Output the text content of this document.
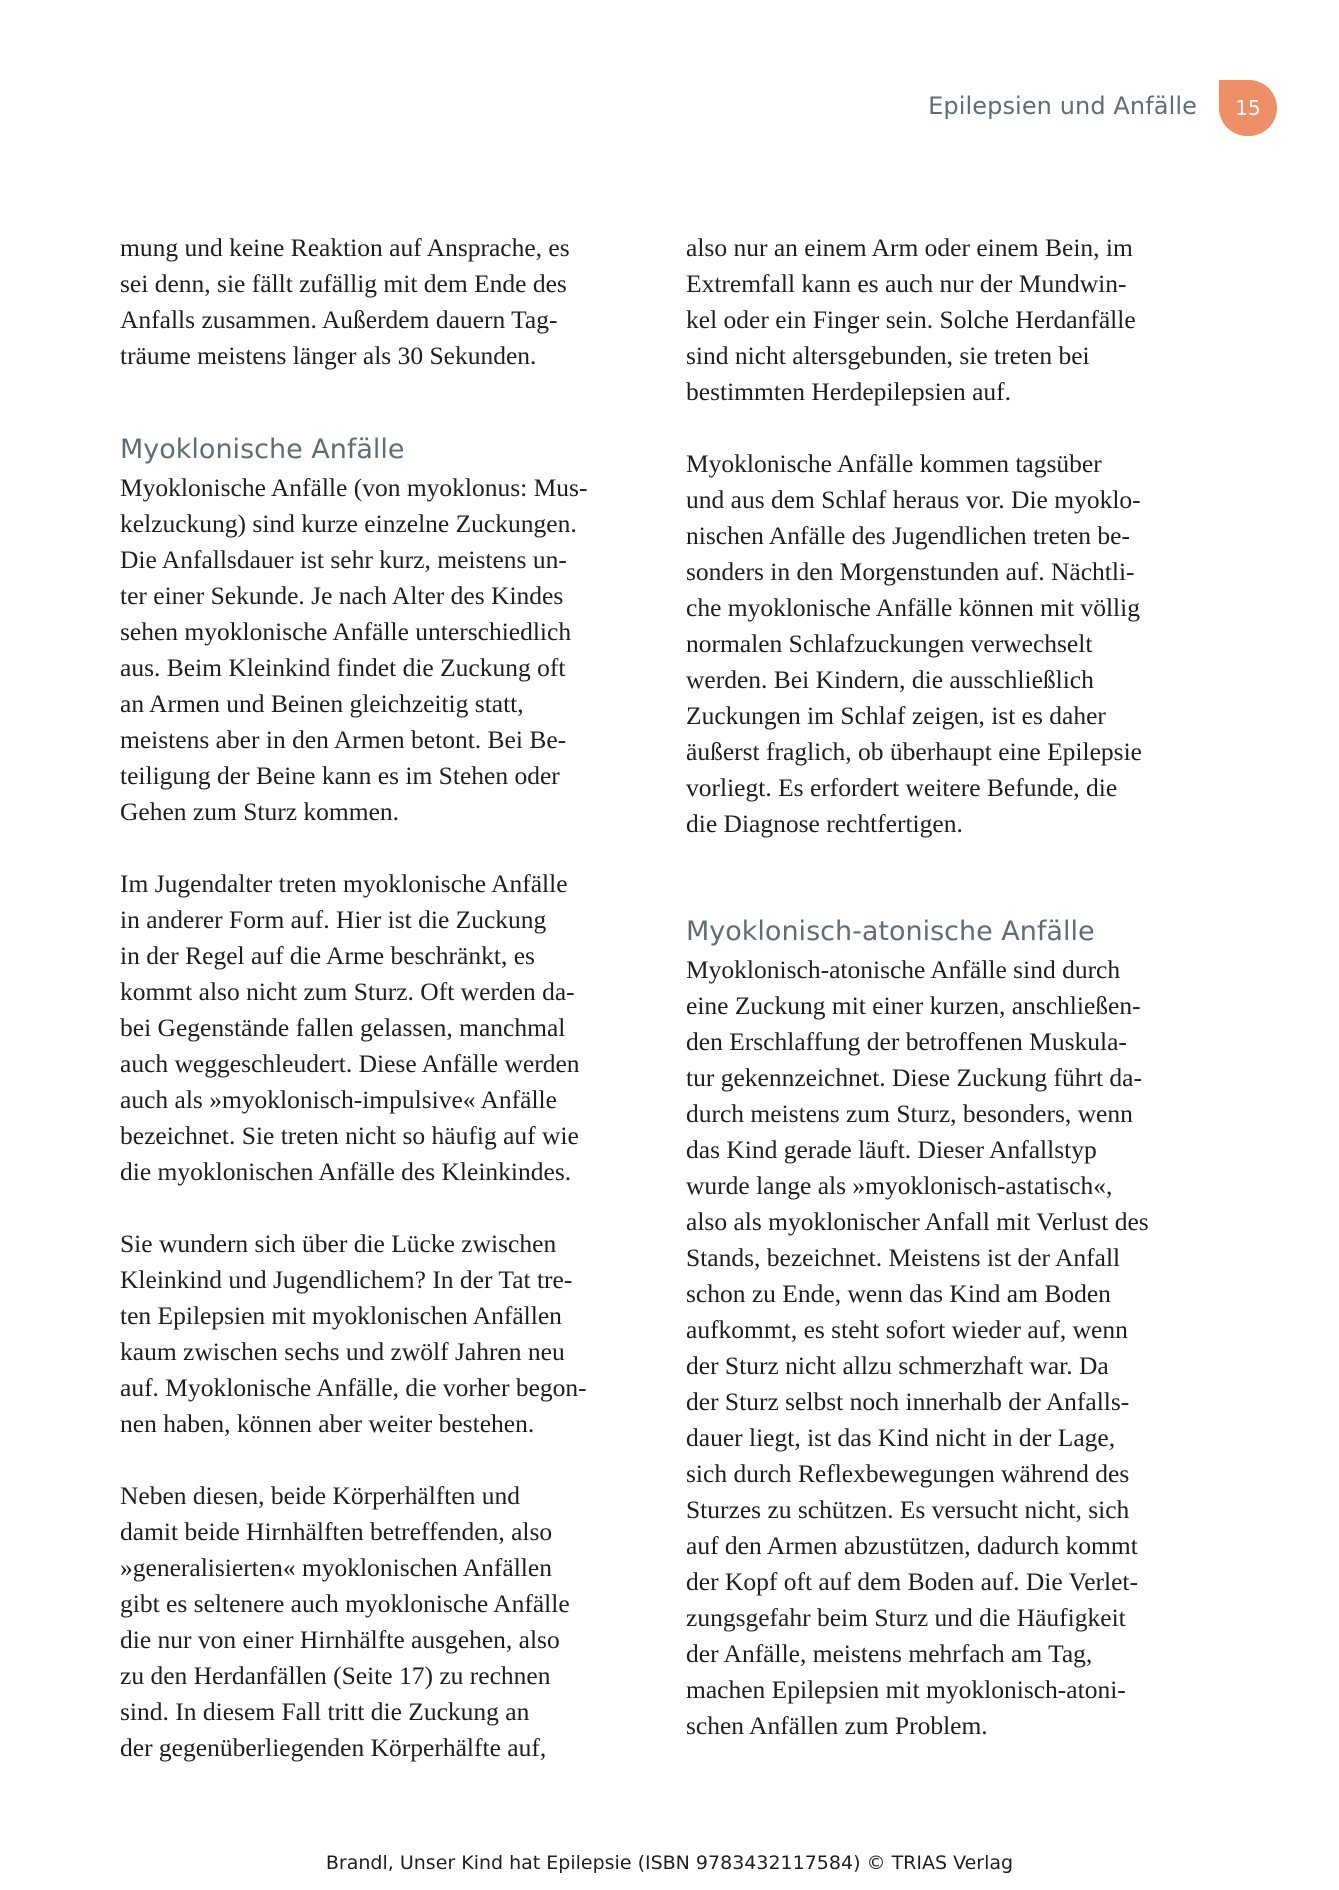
Epilepsien und Anfälle	15

mung und keine Reaktion auf Ansprache, es
sei denn, sie fällt zufällig mit dem Ende des
Anfalls zusammen. Außerdem dauern Tag-
träume meistens länger als 30 Sekunden.

Myoklonische Anfälle

Myoklonische Anfälle (von myoklonus: Mus-
kelzuckung) sind kurze einzelne Zuckungen.
Die Anfallsdauer ist sehr kurz, meistens un-
ter einer Sekunde. Je nach Alter des Kindes
sehen myoklonische Anfälle unterschiedlich
aus. Beim Kleinkind findet die Zuckung oft
an Armen und Beinen gleichzeitig statt,
meistens aber in den Armen betont. Bei Be-
teiligung der Beine kann es im Stehen oder
Gehen zum Sturz kommen.

Im Jugendalter treten myoklonische Anfälle
in anderer Form auf. Hier ist die Zuckung
in der Regel auf die Arme beschränkt, es
kommt also nicht zum Sturz. Oft werden da-
bei Gegenstände fallen gelassen, manchmal
auch weggeschleudert. Diese Anfälle werden
auch als »myoklonisch-impulsive« Anfälle
bezeichnet. Sie treten nicht so häufig auf wie
die myoklonischen Anfälle des Kleinkindes.

Sie wundern sich über die Lücke zwischen
Kleinkind und Jugendlichem? In der Tat tre-
ten Epilepsien mit myoklonischen Anfällen
kaum zwischen sechs und zwölf Jahren neu
auf. Myoklonische Anfälle, die vorher begon-
nen haben, können aber weiter bestehen.

Neben diesen, beide Körperhälften und
damit beide Hirnhälften betreffenden, also
»generalisierten« myoklonischen Anfällen
gibt es seltenere auch myoklonische Anfälle
die nur von einer Hirnhälfte ausgehen, also
zu den Herdanfällen (Seite 17) zu rechnen
sind. In diesem Fall tritt die Zuckung an
der gegenüberliegenden Körperhälfte auf,

also nur an einem Arm oder einem Bein, im
Extremfall kann es auch nur der Mundwin-
kel oder ein Finger sein. Solche Herdanfälle
sind nicht altersgebunden, sie treten bei
bestimmten Herdepilepsien auf.

Myoklonische Anfälle kommen tagsüber
und aus dem Schlaf heraus vor. Die myoklo-
nischen Anfälle des Jugendlichen treten be-
sonders in den Morgenstunden auf. Nächtli-
che myoklonische Anfälle können mit völlig
normalen Schlafzuckungen verwechselt
werden. Bei Kindern, die ausschließlich
Zuckungen im Schlaf zeigen, ist es daher
äußerst fraglich, ob überhaupt eine Epilepsie
vorliegt. Es erfordert weitere Befunde, die
die Diagnose rechtfertigen.

Myoklonisch-atonische Anfälle

Myoklonisch-atonische Anfälle sind durch
eine Zuckung mit einer kurzen, anschließen-
den Erschlaffung der betroffenen Muskula-
tur gekennzeichnet. Diese Zuckung führt da-
durch meistens zum Sturz, besonders, wenn
das Kind gerade läuft. Dieser Anfallstyp
wurde lange als »myoklonisch-astatisch«,
also als myoklonischer Anfall mit Verlust des
Stands, bezeichnet. Meistens ist der Anfall
schon zu Ende, wenn das Kind am Boden
aufkommt, es steht sofort wieder auf, wenn
der Sturz nicht allzu schmerzhaft war. Da
der Sturz selbst noch innerhalb der Anfalls-
dauer liegt, ist das Kind nicht in der Lage,
sich durch Reflexbewegungen während des
Sturzes zu schützen. Es versucht nicht, sich
auf den Armen abzustützen, dadurch kommt
der Kopf oft auf dem Boden auf. Die Verlet-
zungsgefahr beim Sturz und die Häufigkeit
der Anfälle, meistens mehrfach am Tag,
machen Epilepsien mit myoklonisch-atoni-
schen Anfällen zum Problem.

Brandl, Unser Kind hat Epilepsie (ISBN 9783432117584) © TRIAS Verlag
